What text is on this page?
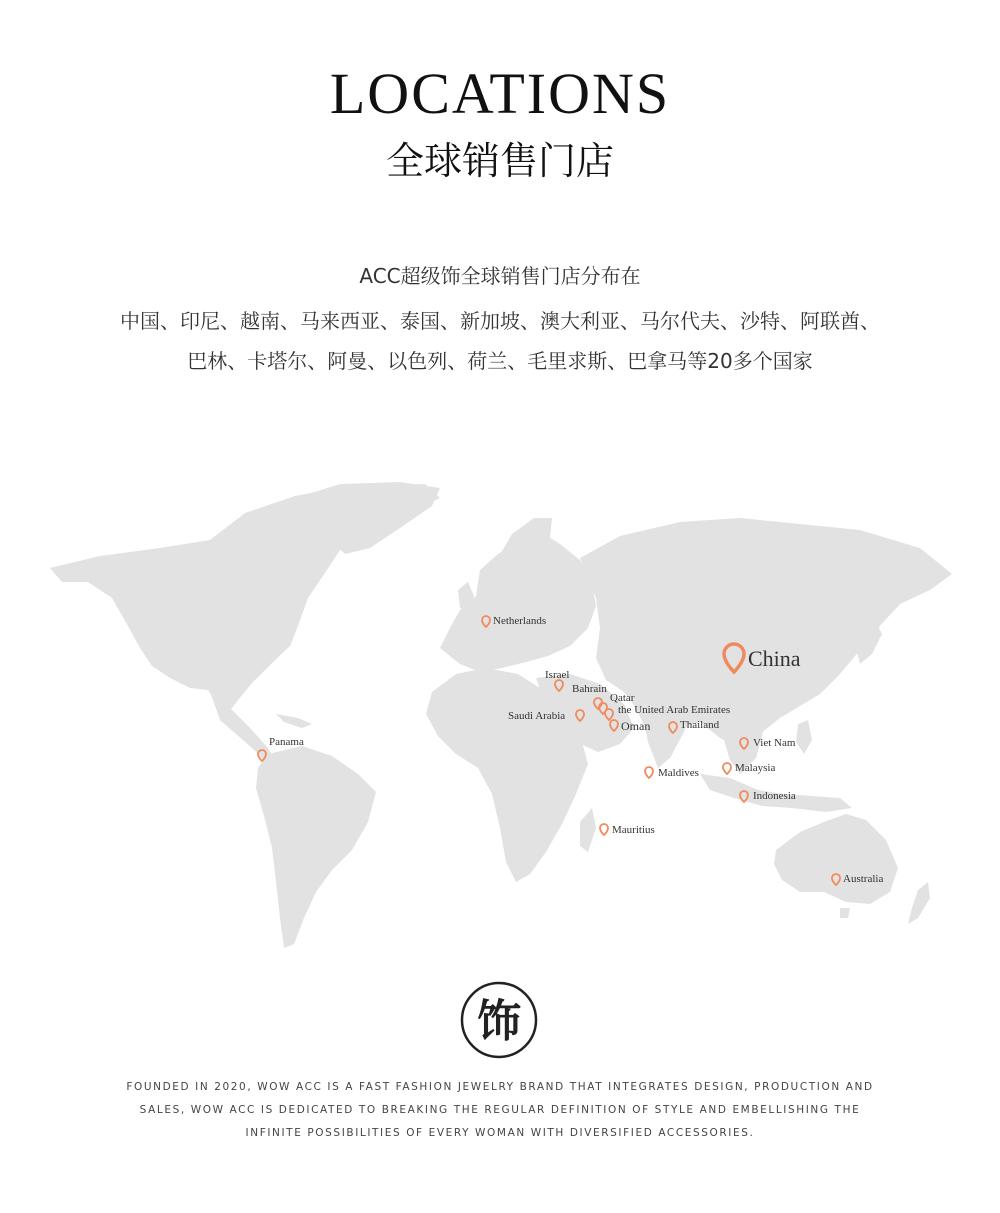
LOCATIONS
全球销售门店
ACC超级饰全球销售门店分布在
中国、印尼、越南、马来西亚、泰国、新加坡、澳大利亚、马尔代夫、沙特、阿联酋、
巴林、卡塔尔、阿曼、以色列、荷兰、毛里求斯、巴拿马等20多个国家
China
Netherlands
Israel
Bahrain
Qatar
the United Arab Emirates
Saudi Arabia
Oman	Thailand
Viet Nam
Malaysia
Indonesia
Maldives
Mauritius
Australia
Panama
饰
FOUNDED IN 2020, WOW ACC IS A FAST FASHION JEWELRY BRAND THAT INTEGRATES DESIGN, PRODUCTION AND
SALES, WOW ACC IS DEDICATED TO BREAKING THE REGULAR DEFINITION OF STYLE AND EMBELLISHING THE
INFINITE POSSIBILITIES OF EVERY WOMAN WITH DIVERSIFIED ACCESSORIES.
